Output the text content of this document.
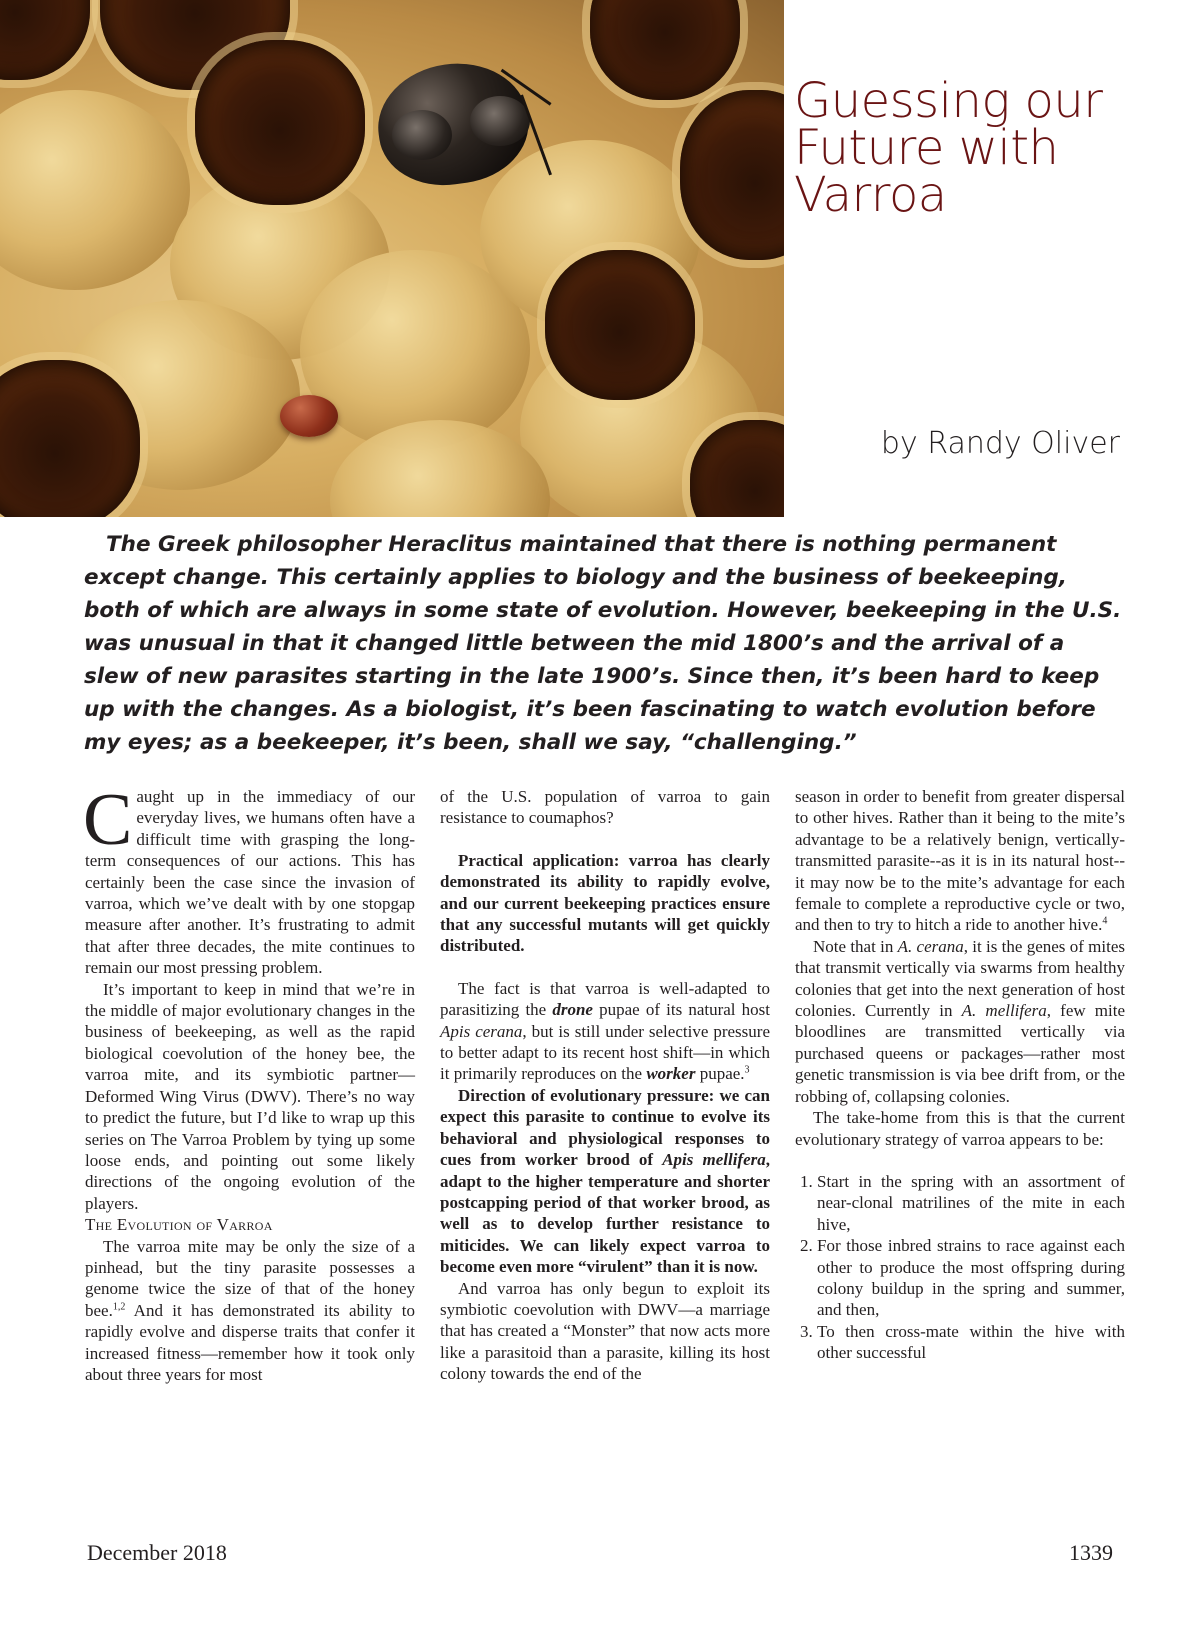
Guessing our Future with Varroa
by Randy Oliver

The Greek philosopher Heraclitus maintained that there is nothing permanent except change. This certainly applies to biology and the business of beekeeping, both of which are always in some state of evolution. However, beekeeping in the U.S. was unusual in that it changed little between the mid 1800’s and the arrival of a slew of new parasites starting in the late 1900’s. Since then, it’s been hard to keep up with the changes. As a biologist, it’s been fascinating to watch evolution before my eyes; as a beekeeper, it’s been, shall we say, “challenging.”

Caught up in the immediacy of our everyday lives, we humans often have a difficult time with grasping the long-term consequences of our actions. This has certainly been the case since the invasion of varroa, which we’ve dealt with by one stopgap measure after another. It’s frustrating to admit that after three decades, the mite continues to remain our most pressing problem.

It’s important to keep in mind that we’re in the middle of major evolutionary changes in the business of beekeeping, as well as the rapid biological coevolution of the honey bee, the varroa mite, and its symbiotic partner—Deformed Wing Virus (DWV). There’s no way to predict the future, but I’d like to wrap up this series on The Varroa Problem by tying up some loose ends, and pointing out some likely directions of the ongoing evolution of the players.

The Evolution of Varroa

The varroa mite may be only the size of a pinhead, but the tiny parasite possesses a genome twice the size of that of the honey bee.$^{1,2}$ And it has demonstrated its ability to rapidly evolve and disperse traits that confer it increased fitness—remember how it took only about three years for most

of the U.S. population of varroa to gain resistance to coumaphos?

Practical application: varroa has clearly demonstrated its ability to rapidly evolve, and our current beekeeping practices ensure that any successful mutants will get quickly distributed.

The fact is that varroa is well-adapted to parasitizing the drone pupae of its natural host Apis cerana, but is still under selective pressure to better adapt to its recent host shift—in which it primarily reproduces on the worker pupae.$^3$

Direction of evolutionary pressure: we can expect this parasite to continue to evolve its behavioral and physiological responses to cues from worker brood of Apis mellifera, adapt to the higher temperature and shorter postcapping period of that worker brood, as well as to develop further resistance to miticides. We can likely expect varroa to become even more “virulent” than it is now.

And varroa has only begun to exploit its symbiotic coevolution with DWV—a marriage that has created a “Monster” that now acts more like a parasitoid than a parasite, killing its host colony towards the end of the

season in order to benefit from greater dispersal to other hives. Rather than it being to the mite’s advantage to be a relatively benign, vertically-transmitted parasite--as it is in its natural host--it may now be to the mite’s advantage for each female to complete a reproductive cycle or two, and then to try to hitch a ride to another hive.$^4$

Note that in A. cerana, it is the genes of mites that transmit vertically via swarms from healthy colonies that get into the next generation of host colonies. Currently in A. mellifera, few mite bloodlines are transmitted vertically via purchased queens or packages—rather most genetic transmission is via bee drift from, or the robbing of, collapsing colonies.

The take-home from this is that the current evolutionary strategy of varroa appears to be:

1. Start in the spring with an assortment of near-clonal matrilines of the mite in each hive,
2. For those inbred strains to race against each other to produce the most offspring during colony buildup in the spring and summer, and then,
3. To then cross-mate within the hive with other successful
December 2018	1339
